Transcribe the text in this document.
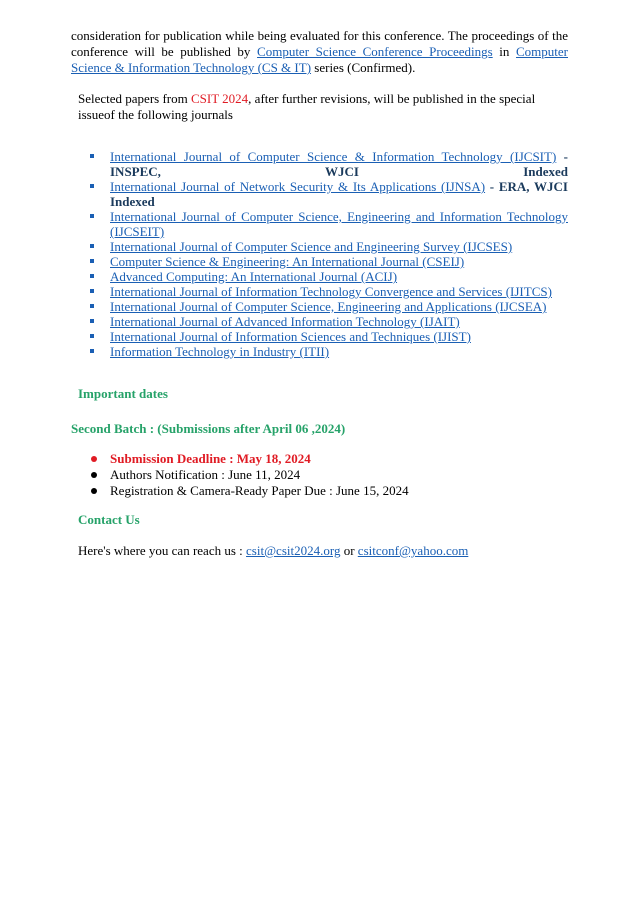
consideration for publication while being evaluated for this conference. The proceedings of the conference will be published by Computer Science Conference Proceedings in Computer Science & Information Technology (CS & IT) series (Confirmed).

Selected papers from CSIT 2024, after further revisions, will be published in the special issueof the following journals

International Journal of Computer Science & Information Technology (IJCSIT) - INSPEC, WJCI Indexed
International Journal of Network Security & Its Applications (IJNSA) - ERA, WJCI Indexed
International Journal of Computer Science, Engineering and Information Technology (IJCSEIT)
International Journal of Computer Science and Engineering Survey (IJCSES)
Computer Science & Engineering: An International Journal (CSEIJ)
Advanced Computing: An International Journal (ACIJ)
International Journal of Information Technology Convergence and Services (IJITCS)
International Journal of Computer Science, Engineering and Applications (IJCSEA)
International Journal of Advanced Information Technology (IJAIT)
International Journal of Information Sciences and Techniques (IJIST)
Information Technology in Industry (ITII)
Important dates
Second Batch : (Submissions after April 06 ,2024)
Submission Deadline : May 18, 2024
Authors Notification : June 11, 2024
Registration & Camera-Ready Paper Due : June 15, 2024
Contact Us
Here's where you can reach us : csit@csit2024.org or csitconf@yahoo.com
